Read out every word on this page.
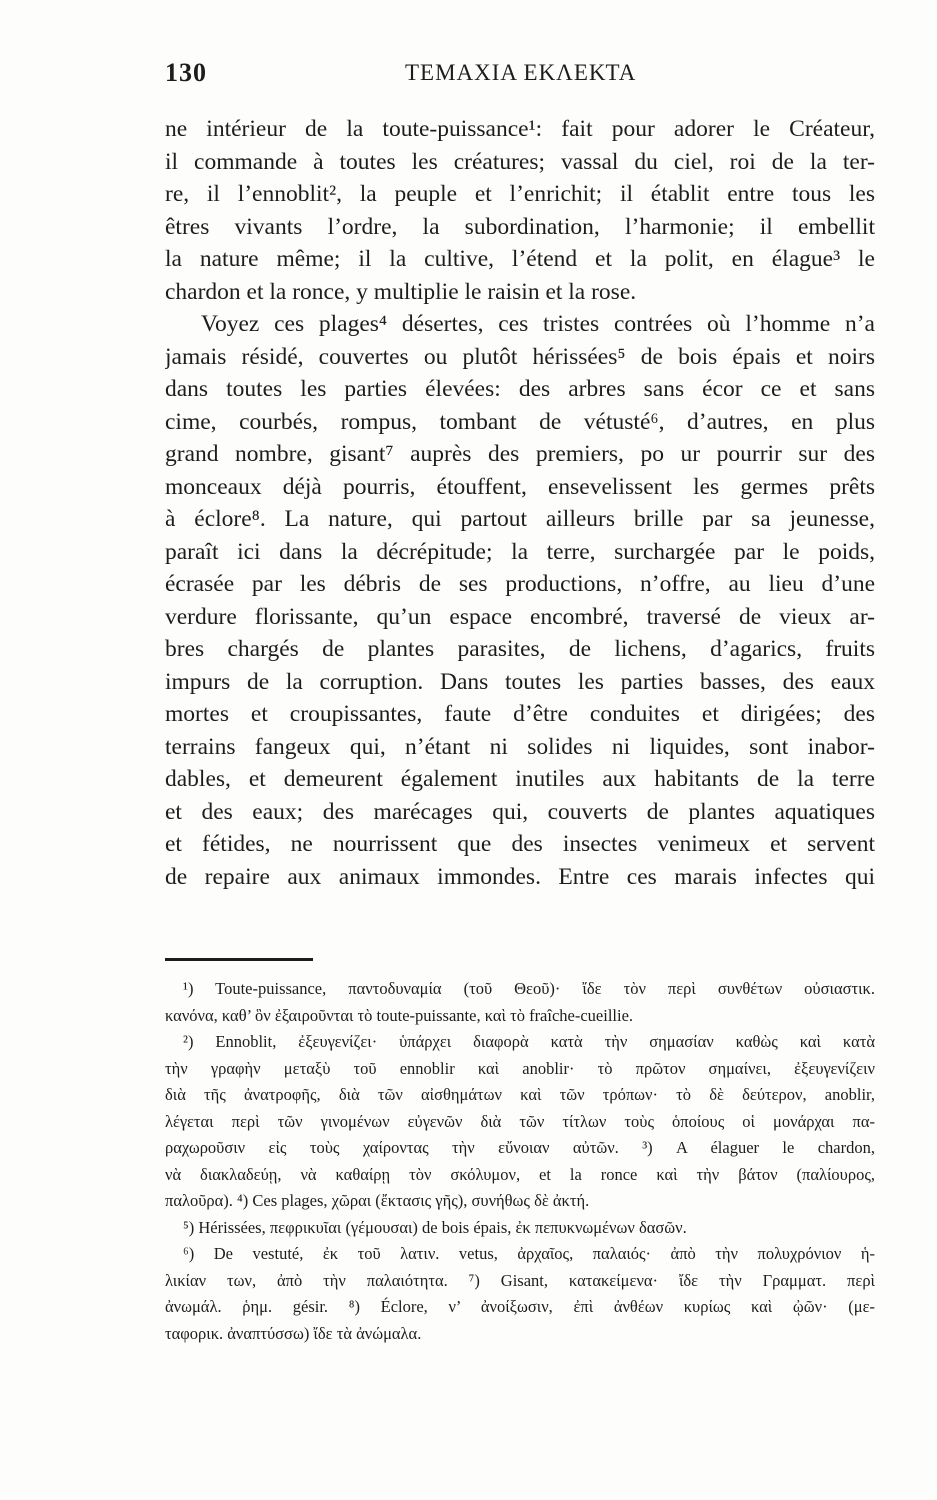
130	ΤΕΜΑΧΙΑ ΕΚΛΕΚΤΑ
ne intérieur de la toute-puissance¹: fait pour adorer le Créateur,
il commande à toutes les créatures; vassal du ciel, roi de la ter-
re, il l’ennoblit², la peuple et l’enrichit; il établit entre tous les
êtres vivants l’ordre, la subordination, l’harmonie; il embellit
la nature même; il la cultive, l’étend et la polit, en élague³ le
chardon et la ronce, y multiplie le raisin et la rose.
Voyez ces plages⁴ désertes, ces tristes contrées où l’homme n’a
jamais résidé, couvertes ou plutôt hérissées⁵ de bois épais et noirs
dans toutes les parties élevées: des arbres sans écor ce et sans
cime, courbés, rompus, tombant de vétusté⁶, d’autres, en plus
grand nombre, gisant⁷ auprès des premiers, po ur pourrir sur des
monceaux déjà pourris, étouffent, ensevelissent les germes prêts
à éclore⁸. La nature, qui partout ailleurs brille par sa jeunesse,
paraît ici dans la décrépitude; la terre, surchargée par le poids,
écrasée par les débris de ses productions, n’offre, au lieu d’une
verdure florissante, qu’un espace encombré, traversé de vieux ar-
bres chargés de plantes parasites, de lichens, d’agarics, fruits
impurs de la corruption. Dans toutes les parties basses, des eaux
mortes et croupissantes, faute d’être conduites et dirigées; des
terrains fangeux qui, n’étant ni solides ni liquides, sont inabor-
dables, et demeurent également inutiles aux habitants de la terre
et des eaux; des marécages qui, couverts de plantes aquatiques
et fétides, ne nourrissent que des insectes venimeux et servent
de repaire aux animaux immondes. Entre ces marais infectes qui
¹) Toute-puissance, παντοδυναμία (τοῦ Θεοῦ)· ἴδε τὸν περὶ συνθέτων οὐσιαστικ.
κανόνα, καθ’ ὃν ἐξαιροῦνται τὸ toute-puissante, καὶ τὸ fraîche-cueillie.
²) Ennoblit, ἐξευγενίζει· ὑπάρχει διαφορὰ κατὰ τὴν σημασίαν καθὼς καὶ κατὰ
τὴν γραφὴν μεταξὺ τοῦ ennoblir καὶ anoblir· τὸ πρῶτον σημαίνει, ἐξευγενίζειν
διὰ τῆς ἀνατροφῆς, διὰ τῶν αἰσθημάτων καὶ τῶν τρόπων· τὸ δὲ δεύτερον, anoblir,
λέγεται περὶ τῶν γινομένων εὐγενῶν διὰ τῶν τίτλων τοὺς ὁποίους οἱ μονάρχαι πα-
ραχωροῦσιν εἰς τοὺς χαίροντας τὴν εὔνοιαν αὐτῶν. ³) A élaguer le chardon,
νὰ διακλαδεύῃ, νὰ καθαίρῃ τὸν σκόλυμον, et la ronce καὶ τὴν βάτον (παλίουρος,
παλοῦρα). ⁴) Ces plages, χῶραι (ἔκτασις γῆς), συνήθως δὲ ἀκτή.
⁵) Hérissées, πεφρικυῖαι (γέμουσαι) de bois épais, ἐκ πεπυκνωμένων δασῶν.
⁶) De vestuté, ἐκ τοῦ λατιν. vetus, ἀρχαῖος, παλαιός· ἀπὸ τὴν πολυχρόνιον ἡ-
λικίαν των, ἀπὸ τὴν παλαιότητα. ⁷) Gisant, κατακείμενα· ἴδε τὴν Γραμματ. περὶ
ἀνωμάλ. ῥημ. gésir. ⁸) Éclore, ν’ ἀνοίξωσιν, ἐπὶ ἀνθέων κυρίως καὶ ᾠῶν· (με-
ταφορικ. ἀναπτύσσω) ἴδε τὰ ἀνώμαλα.
